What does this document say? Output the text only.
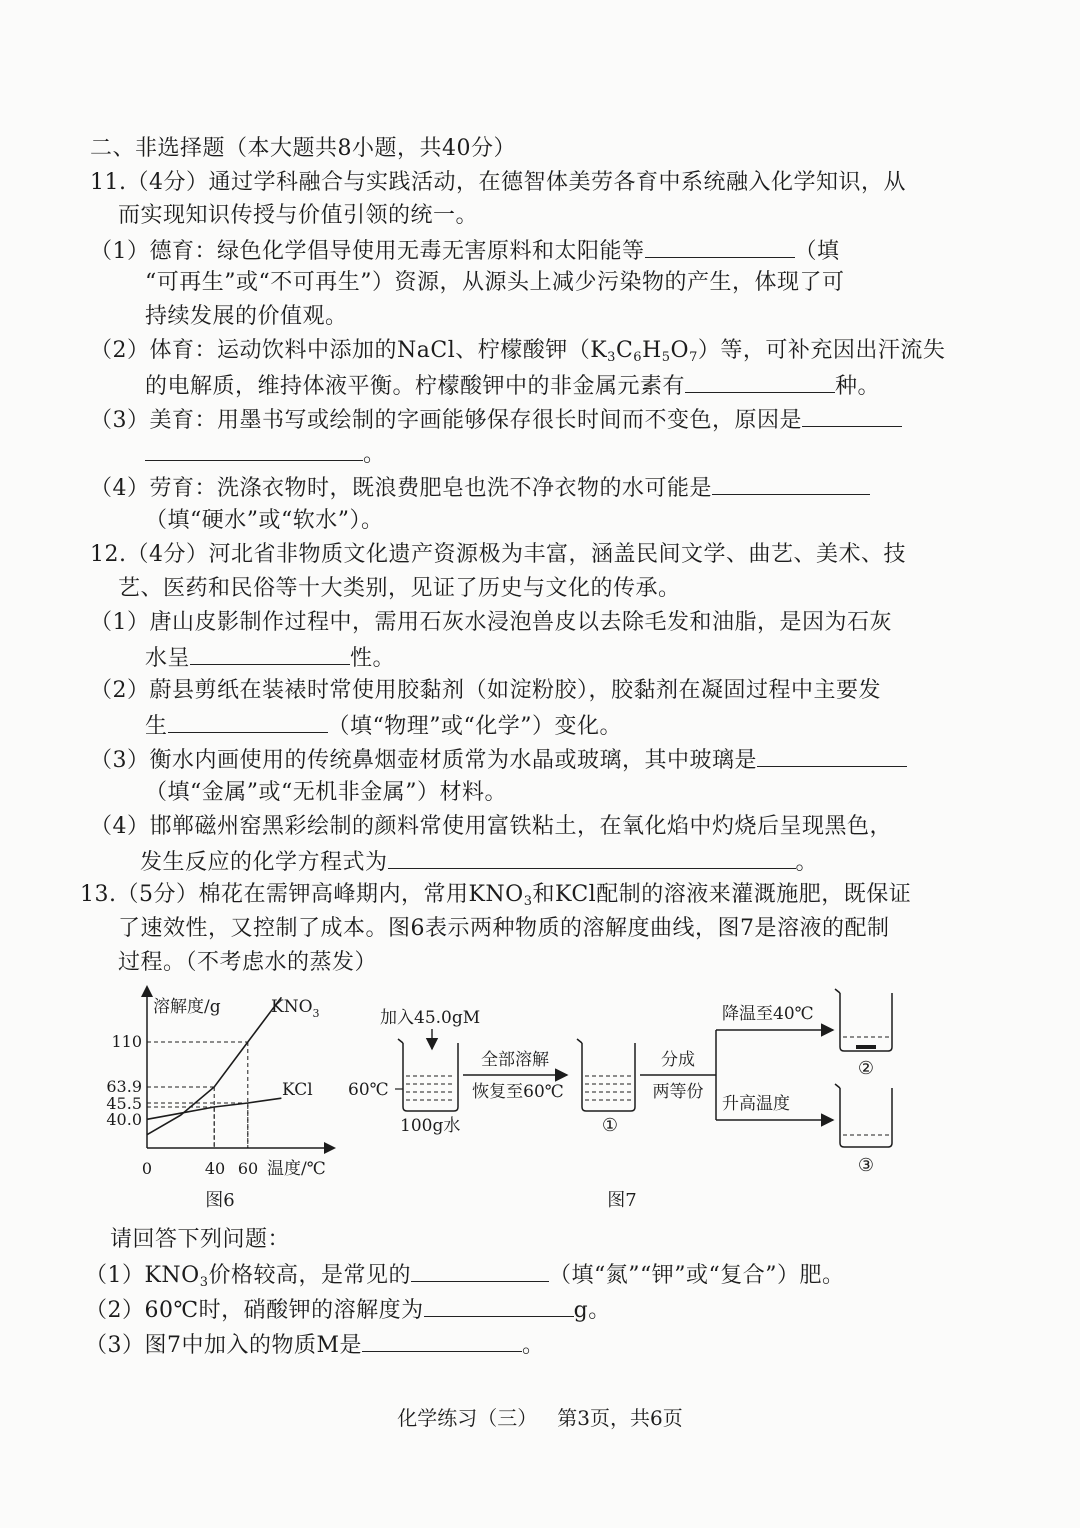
二、非选择题（本大题共8小题，共40分）
11.（4分）通过学科融合与实践活动，在德智体美劳各育中系统融入化学知识，从
而实现知识传授与价值引领的统一。
（1）德育：绿色化学倡导使用无毒无害原料和太阳能等	（填
“可再生”或“不可再生”）资源，从源头上减少污染物的产生，体现了可
持续发展的价值观。
（2）体育：运动饮料中添加的NaCl、柠檬酸钾$(K_3C_6H_5O_7)$等，可补充因出汗流失
的电解质，维持体液平衡。柠檬酸钾中的非金属元素有	种。
（3）美育：用墨书写或绘制的字画能够保存很长时间而不变色，原因是
。
（4）劳育：洗涤衣物时，既浪费肥皂也洗不净衣物的水可能是
（填“硬水”或“软水”）。
12.（4分）河北省非物质文化遗产资源极为丰富，涵盖民间文学、曲艺、美术、技
艺、医药和民俗等十大类别，见证了历史与文化的传承。
（1）唐山皮影制作过程中，需用石灰水浸泡兽皮以去除毛发和油脂，是因为石灰
水呈	性。
（2）蔚县剪纸在装裱时常使用胶黏剂（如淀粉胶），胶黏剂在凝固过程中主要发
生	（填“物理”或“化学”）变化。
（3）衡水内画使用的传统鼻烟壶材质常为水晶或玻璃，其中玻璃是
（填“金属”或“无机非金属”）材料。
（4）邯郸磁州窑黑彩绘制的颜料常使用富铁粘土，在氧化焰中灼烧后呈现黑色，
发生反应的化学方程式为	。
13.（5分）棉花在需钾高峰期内，常用$KNO_3$和KCl配制的溶液来灌溉施肥，既保证
了速效性，又控制了成本。图6表示两种物质的溶解度曲线，图7是溶液的配制
过程。（不考虑水的蒸发）
溶解度/g	$KNO_3$
KCl
110
63.9
45.5
40.0
0	40 60 温度/℃
图6
加入45.0gM
60℃
100g水
全部溶解
恢复至60℃
①
分成
两等份
降温至40℃
升高温度
②
③
图7
请回答下列问题：
$(1)KNO_3$价格较高，是常见的	（填“氮”“钾”或“复合”）肥。
（2）60℃时，硝酸钾的溶解度为	g。
（3）图7中加入的物质M是	。
化学练习（三） 第3页，共6页
